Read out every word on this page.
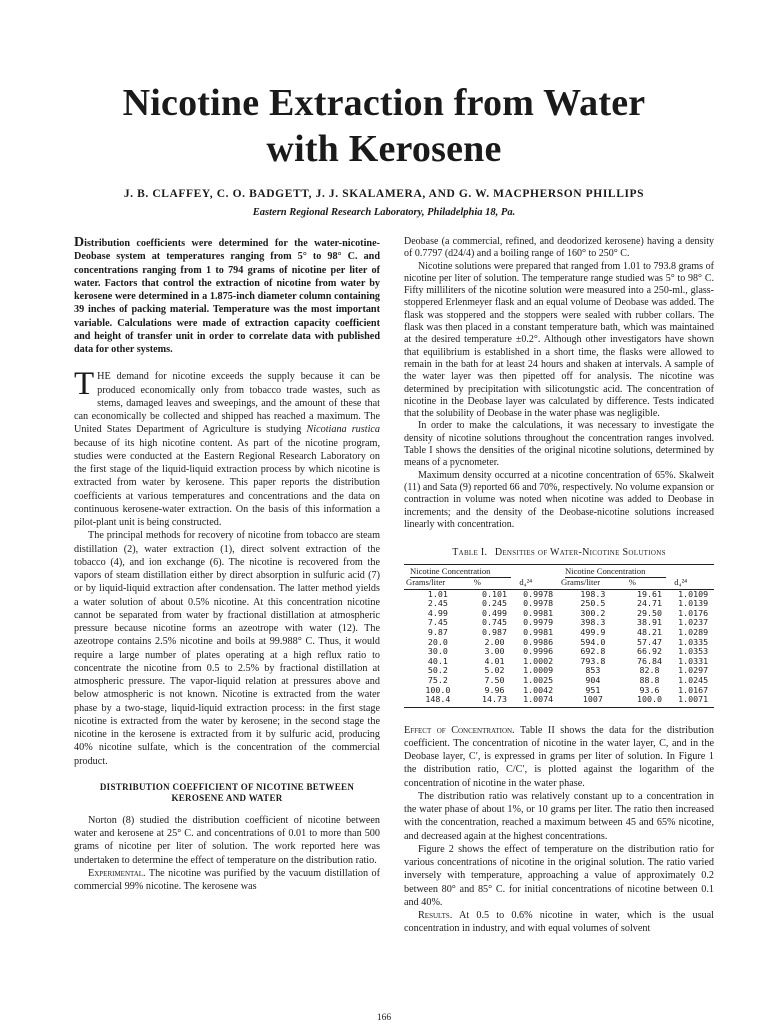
Nicotine Extraction from Water
with Kerosene
J. B. CLAFFEY, C. O. BADGETT, J. J. SKALAMERA, AND G. W. MACPHERSON PHILLIPS
Eastern Regional Research Laboratory, Philadelphia 18, Pa.

Distribution coefficients were determined for the water-nicotine-Deobase system at temperatures ranging from 5° to 98° C. and concentrations ranging from 1 to 794 grams of nicotine per liter of water. Factors that control the extraction of nicotine from water by kerosene were determined in a 1.875-inch diameter column containing 39 inches of packing material. Temperature was the most important variable. Calculations were made of extraction capacity coefficient and height of transfer unit in order to correlate data with published data for other systems.

THE demand for nicotine exceeds the supply because it can be produced economically only from tobacco trade wastes, such as stems, damaged leaves and sweepings, and the amount of these that can economically be collected and shipped has reached a maximum. The United States Department of Agriculture is studying Nicotiana rustica because of its high nicotine content. As part of the nicotine program, studies were conducted at the Eastern Regional Research Laboratory on the first stage of the liquid-liquid extraction process by which nicotine is extracted from water by kerosene. This paper reports the distribution coefficients at various temperatures and concentrations and the data on continuous kerosene-water extraction. On the basis of this information a pilot-plant unit is being constructed.

The principal methods for recovery of nicotine from tobacco are steam distillation (2), water extraction (1), direct solvent extraction of the tobacco (4), and ion exchange (6). The nicotine is recovered from the vapors of steam distillation either by direct absorption in sulfuric acid (7) or by liquid-liquid extraction after condensation. The latter method yields a water solution of about 0.5% nicotine. At this concentration nicotine cannot be separated from water by fractional distillation at atmospheric pressure because nicotine forms an azeotrope with water (12). The azeotrope contains 2.5% nicotine and boils at 99.988° C. Thus, it would require a large number of plates operating at a high reflux ratio to concentrate the nicotine from 0.5 to 2.5% by fractional distillation at atmospheric pressure. The vapor-liquid relation at pressures above and below atmospheric is not known. Nicotine is extracted from the water phase by a two-stage, liquid-liquid extraction process: in the first stage nicotine is extracted from the water by kerosene; in the second stage the nicotine in the kerosene is extracted from it by sulfuric acid, producing 40% nicotine sulfate, which is the concentration of the commercial product.

DISTRIBUTION COEFFICIENT OF NICOTINE BETWEEN KEROSENE AND WATER

Norton (8) studied the distribution coefficient of nicotine between water and kerosene at 25° C. and concentrations of 0.01 to more than 500 grams of nicotine per liter of solution. The work reported here was undertaken to determine the effect of temperature on the distribution ratio.

Experimental. The nicotine was purified by the vacuum distillation of commercial 99% nicotine. The kerosene was

Deobase (a commercial, refined, and deodorized kerosene) having a density of 0.7797 (d24/4) and a boiling range of 160° to 250° C.

Nicotine solutions were prepared that ranged from 1.01 to 793.8 grams of nicotine per liter of solution. The temperature range studied was 5° to 98° C. Fifty milliliters of the nicotine solution were measured into a 250-ml., glass-stoppered Erlenmeyer flask and an equal volume of Deobase was added. The flask was stoppered and the stoppers were sealed with rubber collars. The flask was then placed in a constant temperature bath, which was maintained at the desired temperature ±0.2°. Although other investigators have shown that equilibrium is established in a short time, the flasks were allowed to remain in the bath for at least 24 hours and shaken at intervals. A sample of the water layer was then pipetted off for analysis. The nicotine was determined by precipitation with silicotungstic acid. The concentration of nicotine in the Deobase layer was calculated by difference. Tests indicated that the solubility of Deobase in the water phase was negligible.

In order to make the calculations, it was necessary to investigate the density of nicotine solutions throughout the concentration ranges involved. Table I shows the densities of the original nicotine solutions, determined by means of a pycnometer.

Maximum density occurred at a nicotine concentration of 65%. Skalweit (11) and Sata (9) reported 66 and 70%, respectively. No volume expansion or contraction in volume was noted when nicotine was added to Deobase in increments; and the density of the Deobase-nicotine solutions increased linearly with concentration.

Table I. Densities of Water-Nicotine Solutions
Nicotine Concentration			Nicotine Concentration		

Grams/liter	%	d₄²⁴	Grams/liter	%	d₄²⁴
1.01	0.101	0.9978	198.3	19.61	1.0109
2.45	0.245	0.9978	250.5	24.71	1.0139
4.99	0.499	0.9981	300.2	29.50	1.0176
7.45	0.745	0.9979	398.3	38.91	1.0237
9.87	0.987	0.9981	499.9	48.21	1.0289
20.0	2.00	0.9986	594.0	57.47	1.0335
30.0	3.00	0.9996	692.8	66.92	1.0353
40.1	4.01	1.0002	793.8	76.84	1.0331
50.2	5.02	1.0009	853	82.8	1.0297
75.2	7.50	1.0025	904	88.8	1.0245
100.0	9.96	1.0042	951	93.6	1.0167
148.4	14.73	1.0074	1007	100.0	1.0071

Effect of Concentration. Table II shows the data for the distribution coefficient. The concentration of nicotine in the water layer, C, and in the Deobase layer, C′, is expressed in grams per liter of solution. In Figure 1 the distribution ratio, C/C′, is plotted against the logarithm of the concentration of nicotine in the water phase.

The distribution ratio was relatively constant up to a concentration in the water phase of about 1%, or 10 grams per liter. The ratio then increased with the concentration, reached a maximum between 45 and 65% nicotine, and decreased again at the highest concentrations.

Figure 2 shows the effect of temperature on the distribution ratio for various concentrations of nicotine in the original solution. The ratio varied inversely with temperature, approaching a value of approximately 0.2 between 80° and 85° C. for initial concentrations of nicotine between 0.1 and 40%.

Results. At 0.5 to 0.6% nicotine in water, which is the usual concentration in industry, and with equal volumes of solvent

166
